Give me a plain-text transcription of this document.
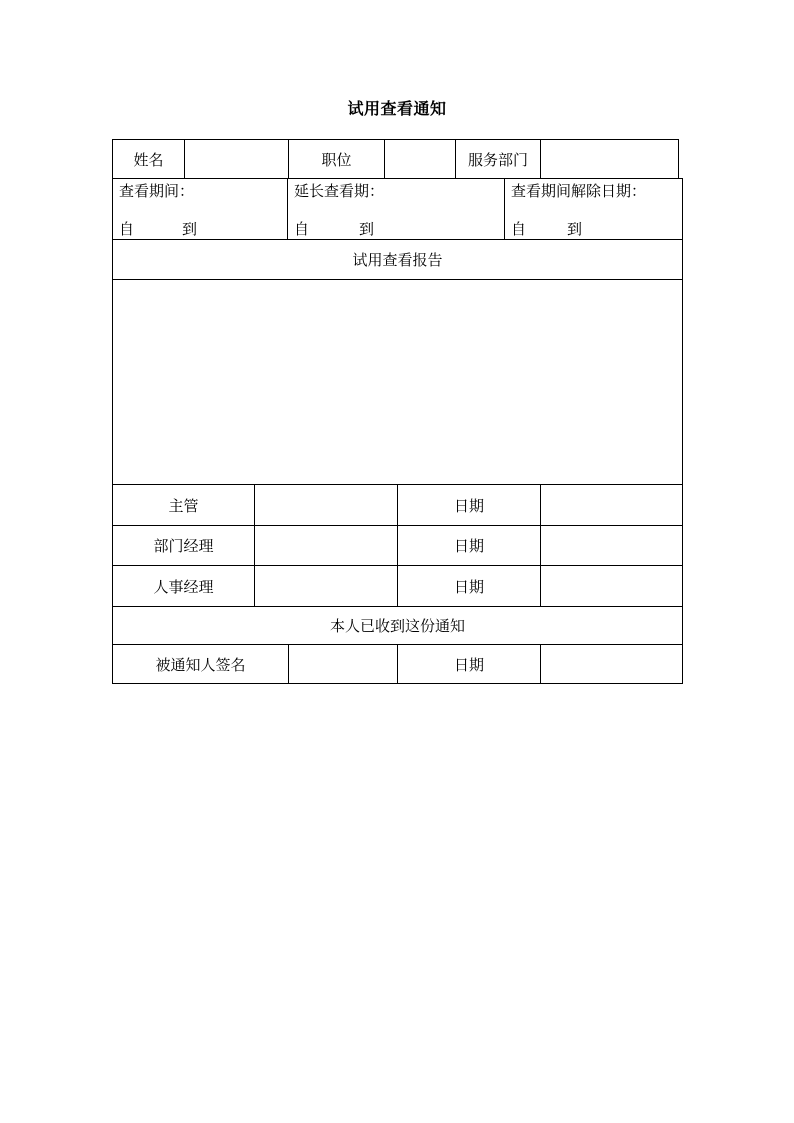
试用查看通知
姓名	职位	服务部门
查看期间：
自	到
延长查看期：
自	到
查看期间解除日期：
自	到
试用查看报告
主管	日期
部门经理	日期
人事经理	日期
本人已收到这份通知
被通知人签名	日期
